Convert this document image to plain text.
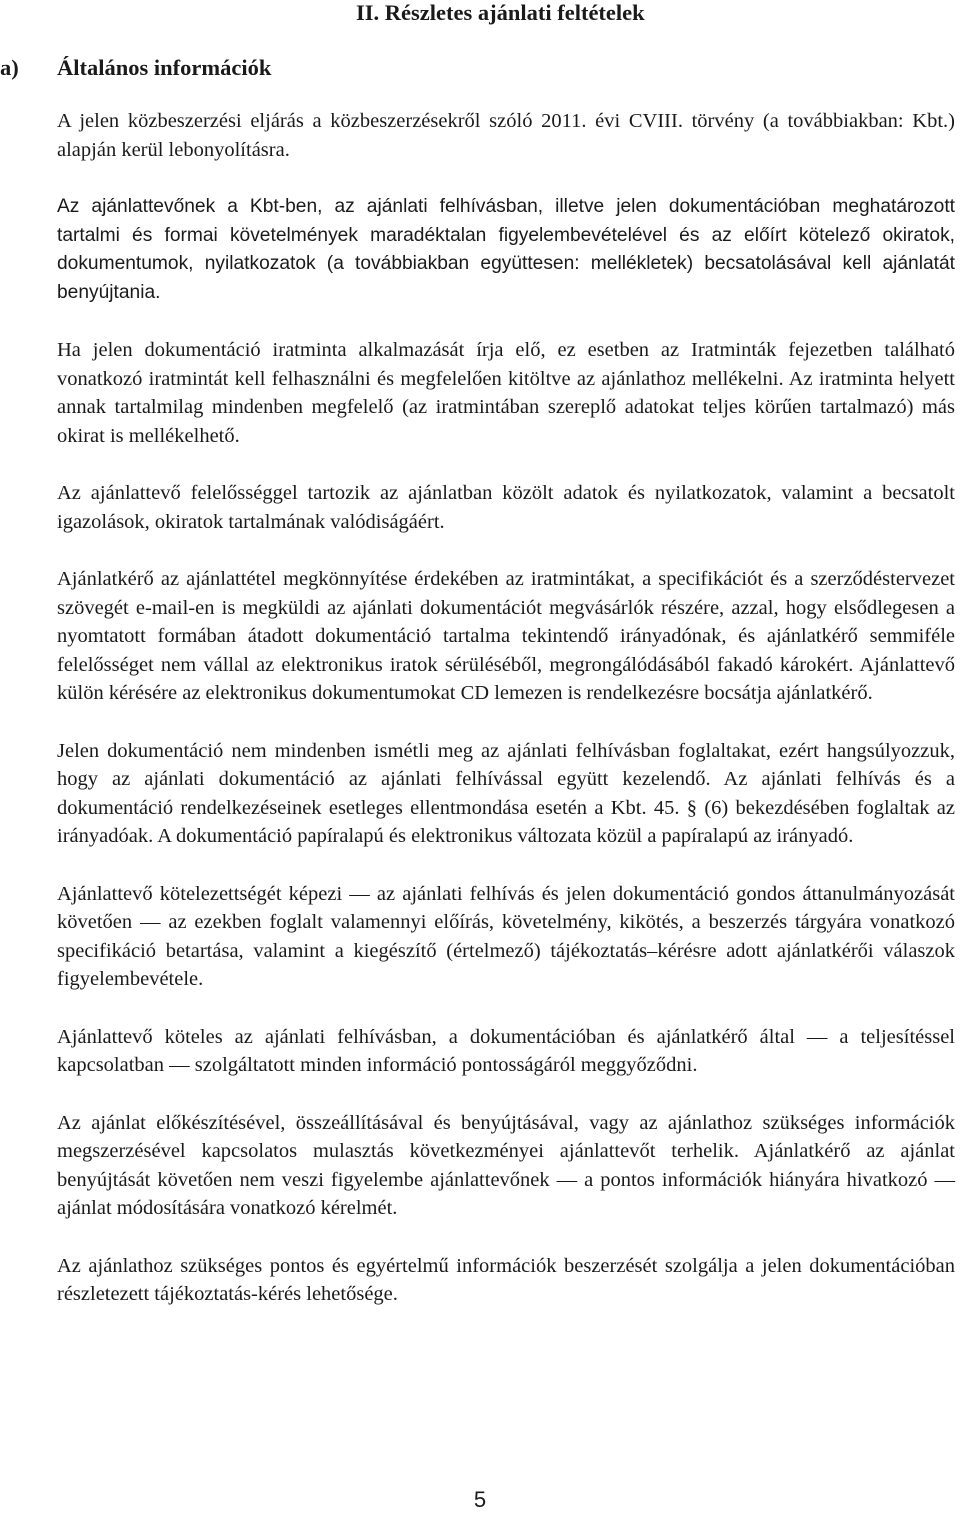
II. Részletes ajánlati feltételek
a) Általános információk

A jelen közbeszerzési eljárás a közbeszerzésekről szóló 2011. évi CVIII. törvény (a továbbiakban: Kbt.) alapján kerül lebonyolításra.

Az ajánlattevőnek a Kbt-ben, az ajánlati felhívásban, illetve jelen dokumentációban meghatározott tartalmi és formai követelmények maradéktalan figyelembevételével és az előírt kötelező okiratok, dokumentumok, nyilatkozatok (a továbbiakban együttesen: mellékletek) becsatolásával kell ajánlatát benyújtania.

Ha jelen dokumentáció iratminta alkalmazását írja elő, ez esetben az Iratminták fejezetben található vonatkozó iratmintát kell felhasználni és megfelelően kitöltve az ajánlathoz mellékelni. Az iratminta helyett annak tartalmilag mindenben megfelelő (az iratmintában szereplő adatokat teljes körűen tartalmazó) más okirat is mellékelhető.

Az ajánlattevő felelősséggel tartozik az ajánlatban közölt adatok és nyilatkozatok, valamint a becsatolt igazolások, okiratok tartalmának valódiságáért.

Ajánlatkérő az ajánlattétel megkönnyítése érdekében az iratmintákat, a specifikációt és a szerződéstervezet szövegét e-mail-en is megküldi az ajánlati dokumentációt megvásárlók részére, azzal, hogy elsődlegesen a nyomtatott formában átadott dokumentáció tartalma tekintendő irányadónak, és ajánlatkérő semmiféle felelősséget nem vállal az elektronikus iratok sérüléséből, megrongálódásából fakadó károkért. Ajánlattevő külön kérésére az elektronikus dokumentumokat CD lemezen is rendelkezésre bocsátja ajánlatkérő.

Jelen dokumentáció nem mindenben ismétli meg az ajánlati felhívásban foglaltakat, ezért hangsúlyozzuk, hogy az ajánlati dokumentáció az ajánlati felhívással együtt kezelendő. Az ajánlati felhívás és a dokumentáció rendelkezéseinek esetleges ellentmondása esetén a Kbt. 45. § (6) bekezdésében foglaltak az irányadóak. A dokumentáció papíralapú és elektronikus változata közül a papíralapú az irányadó.

Ajánlattevő kötelezettségét képezi — az ajánlati felhívás és jelen dokumentáció gondos áttanulmányozását követően — az ezekben foglalt valamennyi előírás, követelmény, kikötés, a beszerzés tárgyára vonatkozó specifikáció betartása, valamint a kiegészítő (értelmező) tájékoztatás–kérésre adott ajánlatkérői válaszok figyelembevétele.

Ajánlattevő köteles az ajánlati felhívásban, a dokumentációban és ajánlatkérő által — a teljesítéssel kapcsolatban — szolgáltatott minden információ pontosságáról meggyőződni.

Az ajánlat előkészítésével, összeállításával és benyújtásával, vagy az ajánlathoz szükséges információk megszerzésével kapcsolatos mulasztás következményei ajánlattevőt terhelik. Ajánlatkérő az ajánlat benyújtását követően nem veszi figyelembe ajánlattevőnek — a pontos információk hiányára hivatkozó — ajánlat módosítására vonatkozó kérelmét.

Az ajánlathoz szükséges pontos és egyértelmű információk beszerzését szolgálja a jelen dokumentációban részletezett tájékoztatás-kérés lehetősége.

5
